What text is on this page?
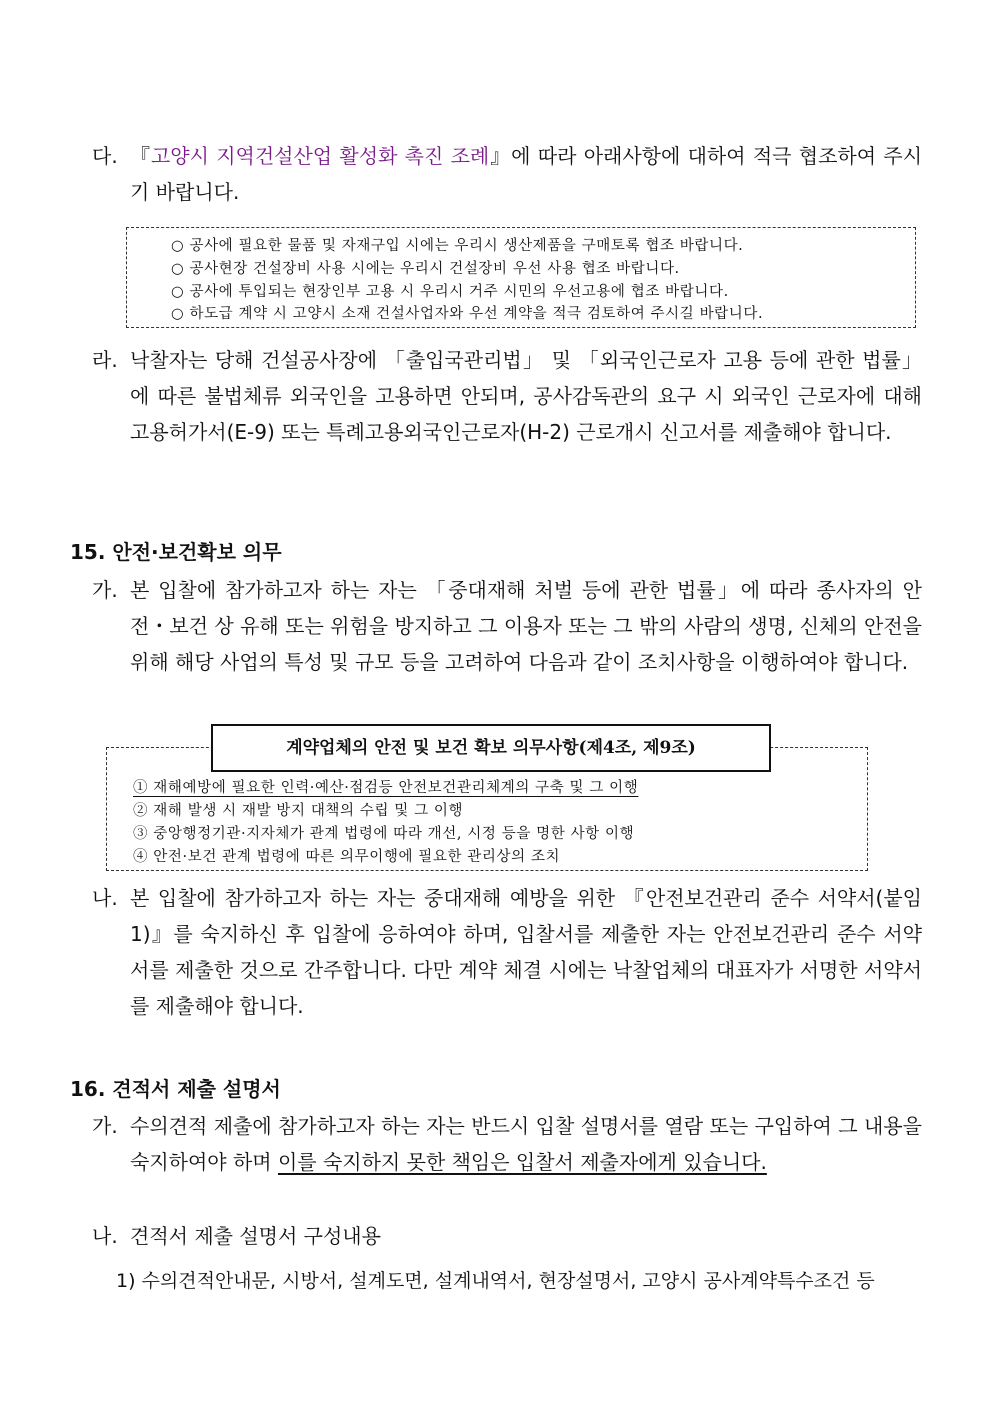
다. 『고양시 지역건설산업 활성화 촉진 조례』에 따라 아래사항에 대하여 적극 협조하여 주시기 바랍니다.
○ 공사에 필요한 물품 및 자재구입 시에는 우리시 생산제품을 구매토록 협조 바랍니다.
○ 공사현장 건설장비 사용 시에는 우리시 건설장비 우선 사용 협조 바랍니다.
○ 공사에 투입되는 현장인부 고용 시 우리시 거주 시민의 우선고용에 협조 바랍니다.
○ 하도급 계약 시 고양시 소재 건설사업자와 우선 계약을 적극 검토하여 주시길 바랍니다.
라. 낙찰자는 당해 건설공사장에 「출입국관리법」 및 「외국인근로자 고용 등에 관한 법률」에 따른 불법체류 외국인을 고용하면 안되며, 공사감독관의 요구 시 외국인 근로자에 대해 고용허가서(E-9) 또는 특례고용외국인근로자(H-2) 근로개시 신고서를 제출해야 합니다.
15. 안전·보건확보 의무
가. 본 입찰에 참가하고자 하는 자는 「중대재해 처벌 등에 관한 법률」에 따라 종사자의 안전・보건 상 유해 또는 위험을 방지하고 그 이용자 또는 그 밖의 사람의 생명, 신체의 안전을 위해 해당 사업의 특성 및 규모 등을 고려하여 다음과 같이 조치사항을 이행하여야 합니다.
① 재해예방에 필요한 인력·예산·점검등 안전보건관리체계의 구축 및 그 이행
② 재해 발생 시 재발 방지 대책의 수립 및 그 이행
③ 중앙행정기관·지자체가 관계 법령에 따라 개선, 시정 등을 명한 사항 이행
④ 안전·보건 관계 법령에 따른 의무이행에 필요한 관리상의 조치
계약업체의 안전 및 보건 확보 의무사항(제4조, 제9조)
나. 본 입찰에 참가하고자 하는 자는 중대재해 예방을 위한 『안전보건관리 준수 서약서(붙임1)』를 숙지하신 후 입찰에 응하여야 하며, 입찰서를 제출한 자는 안전보건관리 준수 서약서를 제출한 것으로 간주합니다. 다만 계약 체결 시에는 낙찰업체의 대표자가 서명한 서약서를 제출해야 합니다.
16. 견적서 제출 설명서
가. 수의견적 제출에 참가하고자 하는 자는 반드시 입찰 설명서를 열람 또는 구입하여 그 내용을 숙지하여야 하며 이를 숙지하지 못한 책임은 입찰서 제출자에게 있습니다.
나. 견적서 제출 설명서 구성내용
1) 수의견적안내문, 시방서, 설계도면, 설계내역서, 현장설명서, 고양시 공사계약특수조건 등
